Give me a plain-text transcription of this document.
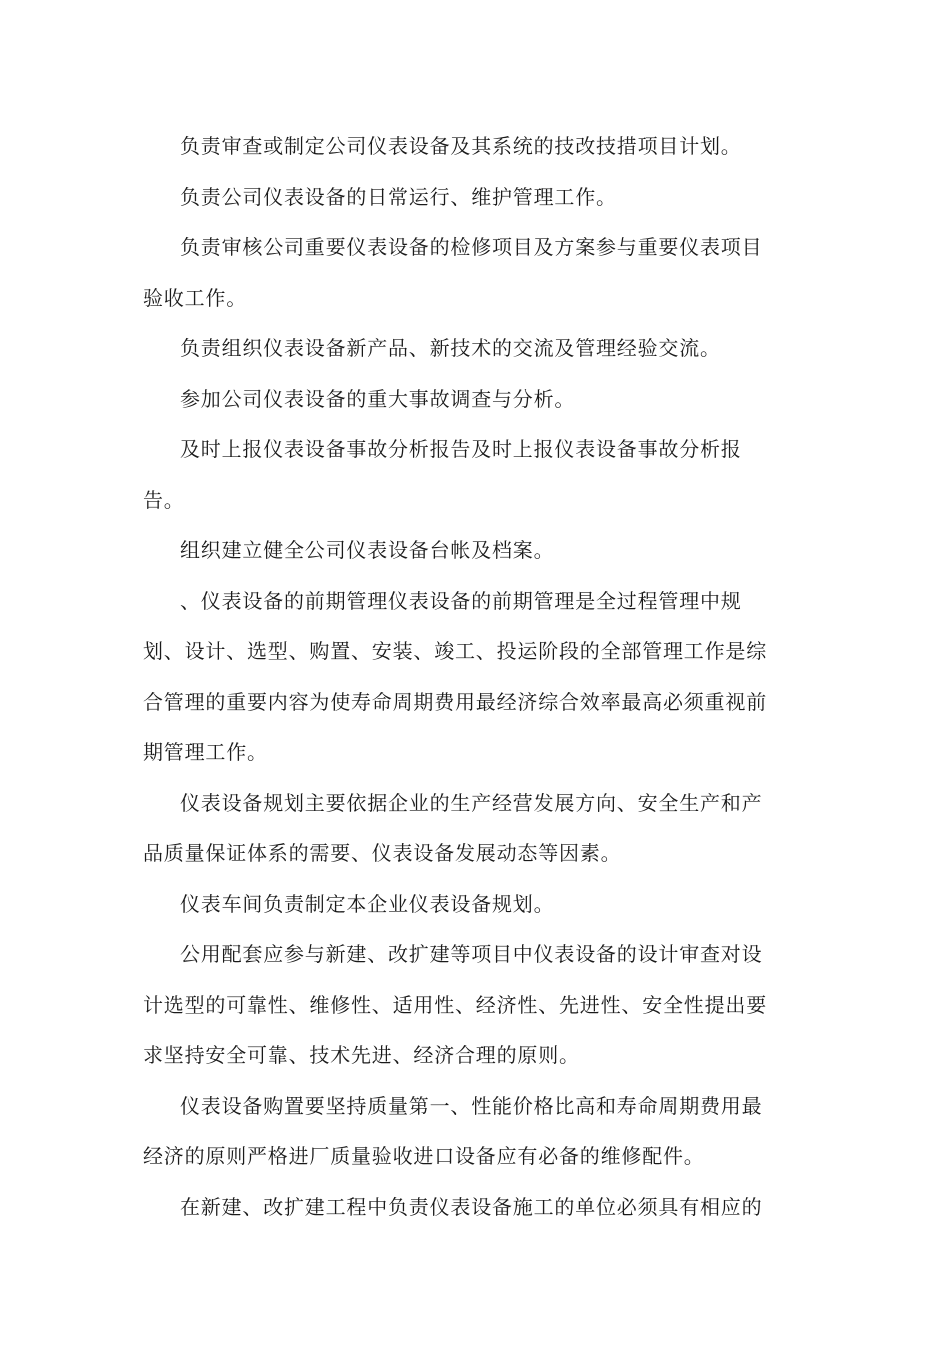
负责审查或制定公司仪表设备及其系统的技改技措项目计划。

负责公司仪表设备的日常运行、维护管理工作。

负责审核公司重要仪表设备的检修项目及方案参与重要仪表项目验收工作。

负责组织仪表设备新产品、新技术的交流及管理经验交流。

参加公司仪表设备的重大事故调查与分析。

及时上报仪表设备事故分析报告及时上报仪表设备事故分析报告。

组织建立健全公司仪表设备台帐及档案。

、仪表设备的前期管理仪表设备的前期管理是全过程管理中规划、设计、选型、购置、安装、竣工、投运阶段的全部管理工作是综合管理的重要内容为使寿命周期费用最经济综合效率最高必须重视前期管理工作。

仪表设备规划主要依据企业的生产经营发展方向、安全生产和产品质量保证体系的需要、仪表设备发展动态等因素。

仪表车间负责制定本企业仪表设备规划。

公用配套应参与新建、改扩建等项目中仪表设备的设计审查对设计选型的可靠性、维修性、适用性、经济性、先进性、安全性提出要求坚持安全可靠、技术先进、经济合理的原则。

仪表设备购置要坚持质量第一、性能价格比高和寿命周期费用最经济的原则严格进厂质量验收进口设备应有必备的维修配件。

在新建、改扩建工程中负责仪表设备施工的单位必须具有相应的
